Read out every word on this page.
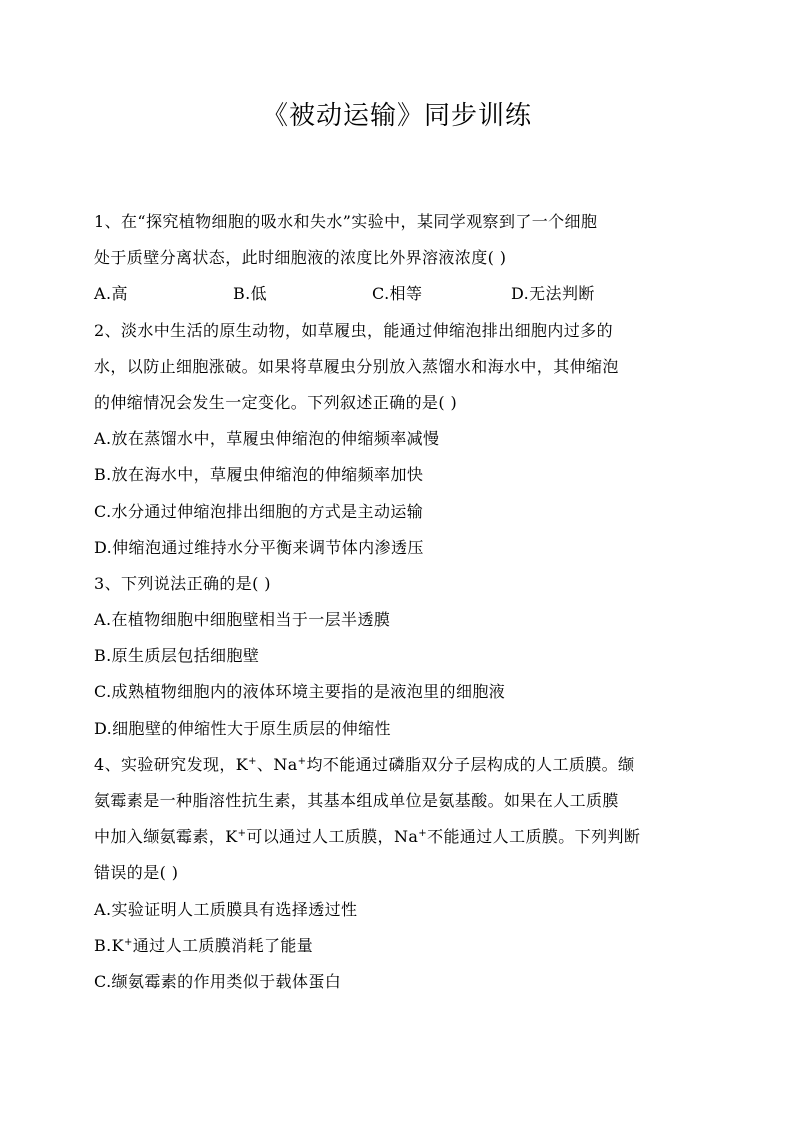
《被动运输》同步训练
1、在“探究植物细胞的吸水和失水”实验中，某同学观察到了一个细胞
处于质壁分离状态，此时细胞液的浓度比外界溶液浓度( )
A.高	B.低	C.相等	D.无法判断
2、淡水中生活的原生动物，如草履虫，能通过伸缩泡排出细胞内过多的
水，以防止细胞涨破。如果将草履虫分别放入蒸馏水和海水中，其伸缩泡
的伸缩情况会发生一定变化。下列叙述正确的是( )
A.放在蒸馏水中，草履虫伸缩泡的伸缩频率减慢
B.放在海水中，草履虫伸缩泡的伸缩频率加快
C.水分通过伸缩泡排出细胞的方式是主动运输
D.伸缩泡通过维持水分平衡来调节体内渗透压
3、下列说法正确的是( )
A.在植物细胞中细胞壁相当于一层半透膜
B.原生质层包括细胞壁
C.成熟植物细胞内的液体环境主要指的是液泡里的细胞液
D.细胞壁的伸缩性大于原生质层的伸缩性
4、实验研究发现，K+、Na+均不能通过磷脂双分子层构成的人工质膜。缬
氨霉素是一种脂溶性抗生素，其基本组成单位是氨基酸。如果在人工质膜
中加入缬氨霉素，K+可以通过人工质膜，Na+不能通过人工质膜。下列判断
错误的是( )
A.实验证明人工质膜具有选择透过性
B.K+通过人工质膜消耗了能量
C.缬氨霉素的作用类似于载体蛋白
